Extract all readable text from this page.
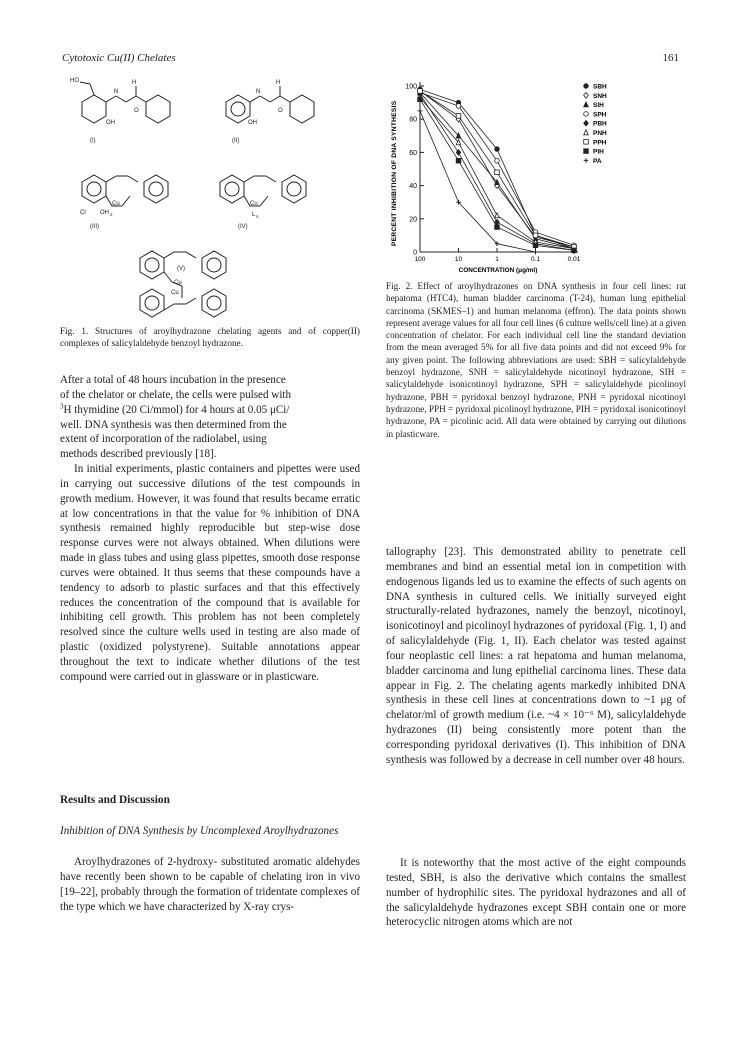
Cytotoxic Cu(II) Chelates	161
HO
N
H
OH
O
N
H
OH
O
Cu
Cl OH 2
Cu
L n
Cu
Cu
(I)	(II)
(III)	(IV)
(V)
Fig. 1. Structures of aroylhydrazone chelating agents and of copper(II) complexes of salicylaldehyde benzoyl hydrazone.
After a total of 48 hours incubation in the presence
of the chelator or chelate, the cells were pulsed with
$^3$H thymidine (20 Ci/mmol) for 4 hours at 0.05 μCi/
well. DNA synthesis was then determined from the
extent of incorporation of the radiolabel, using
methods described previously [18].

In initial experiments, plastic containers and pipettes were used in carrying out successive dilutions of the test compounds in growth medium. However, it was found that results became erratic at low concentrations in that the value for % inhibition of DNA synthesis remained highly reproducible but step-wise dose response curves were not always obtained. When dilutions were made in glass tubes and using glass pipettes, smooth dose response curves were obtained. It thus seems that these compounds have a tendency to adsorb to plastic surfaces and that this effectively reduces the concentration of the compound that is available for inhibiting cell growth. This problem has not been completely resolved since the culture wells used in testing are also made of plastic (oxidized polystyrene). Suitable annotations appear throughout the text to indicate whether dilutions of the test compound were carried out in glassware or in plasticware.

Results and Discussion
Inhibition of DNA Synthesis by Uncomplexed Aroylhydrazones

Aroylhydrazones of 2-hydroxy- substituted aromatic aldehydes have recently been shown to be capable of chelating iron in vivo [19–22], probably through the formation of tridentate complexes of the type which we have characterized by X-ray crys-

0
20
40
60
80
100
100	10	1	0.1	0.01
SBH
SNH
SIH
SPH
PBH
PNH
PPH
PIH
PA
PERCENT INHIBITION OF DNA SYNTHESIS
CONCENTRATION (μg/ml)

Fig. 2. Effect of aroylhydrazones on DNA synthesis in four cell lines: rat hepatoma (HTC4), human bladder carcinoma (T-24), human lung epithelial carcinoma (SKMES–1) and human melanoma (effron). The data points shown represent average values for all four cell lines (6 culture wells/cell line) at a given concentration of chelator. For each individual cell line the standard deviation from the mean averaged 5% for all five data points and did not exceed 9% for any given point. The following abbreviations are used: SBH = salicylaldehyde benzoyl hydrazone, SNH = salicylaldehyde nicotinoyl hydrazone, SIH = salicylaldehyde isonicotinoyl hydrazone, SPH = salicylaldehyde picolinoyl hydrazone, PBH = pyridoxal benzoyl hydrazone, PNH = pyridoxal nicotinoyl hydrazone, PPH = pyridoxal picolinoyl hydrazone, PIH = pyridoxal isonicotinoyl hydrazone, PA = picolinic acid. All data were obtained by carrying out dilutions in plasticware.

tallography [23]. This demonstrated ability to penetrate cell membranes and bind an essential metal ion in competition with endogenous ligands led us to examine the effects of such agents on DNA synthesis in cultured cells. We initially surveyed eight structurally-related hydrazones, namely the benzoyl, nicotinoyl, isonicotinoyl and picolinoyl hydrazones of pyridoxal (Fig. 1, I) and of salicylaldehyde (Fig. 1, II). Each chelator was tested against four neoplastic cell lines: a rat hepatoma and human melanoma, bladder carcinoma and lung epithelial carcinoma lines. These data appear in Fig. 2. The chelating agents markedly inhibited DNA synthesis in these cell lines at concentrations down to ~1 μg of chelator/ml of growth medium (i.e. ~4 × 10⁻⁶ M), salicylaldehyde hydrazones (II) being consistently more potent than the corresponding pyridoxal derivatives (I). This inhibition of DNA synthesis was followed by a decrease in cell number over 48 hours.

It is noteworthy that the most active of the eight compounds tested, SBH, is also the derivative which contains the smallest number of hydrophilic sites. The pyridoxal hydrazones and all of the salicylaldehyde hydrazones except SBH contain one or more heterocyclic nitrogen atoms which are not
